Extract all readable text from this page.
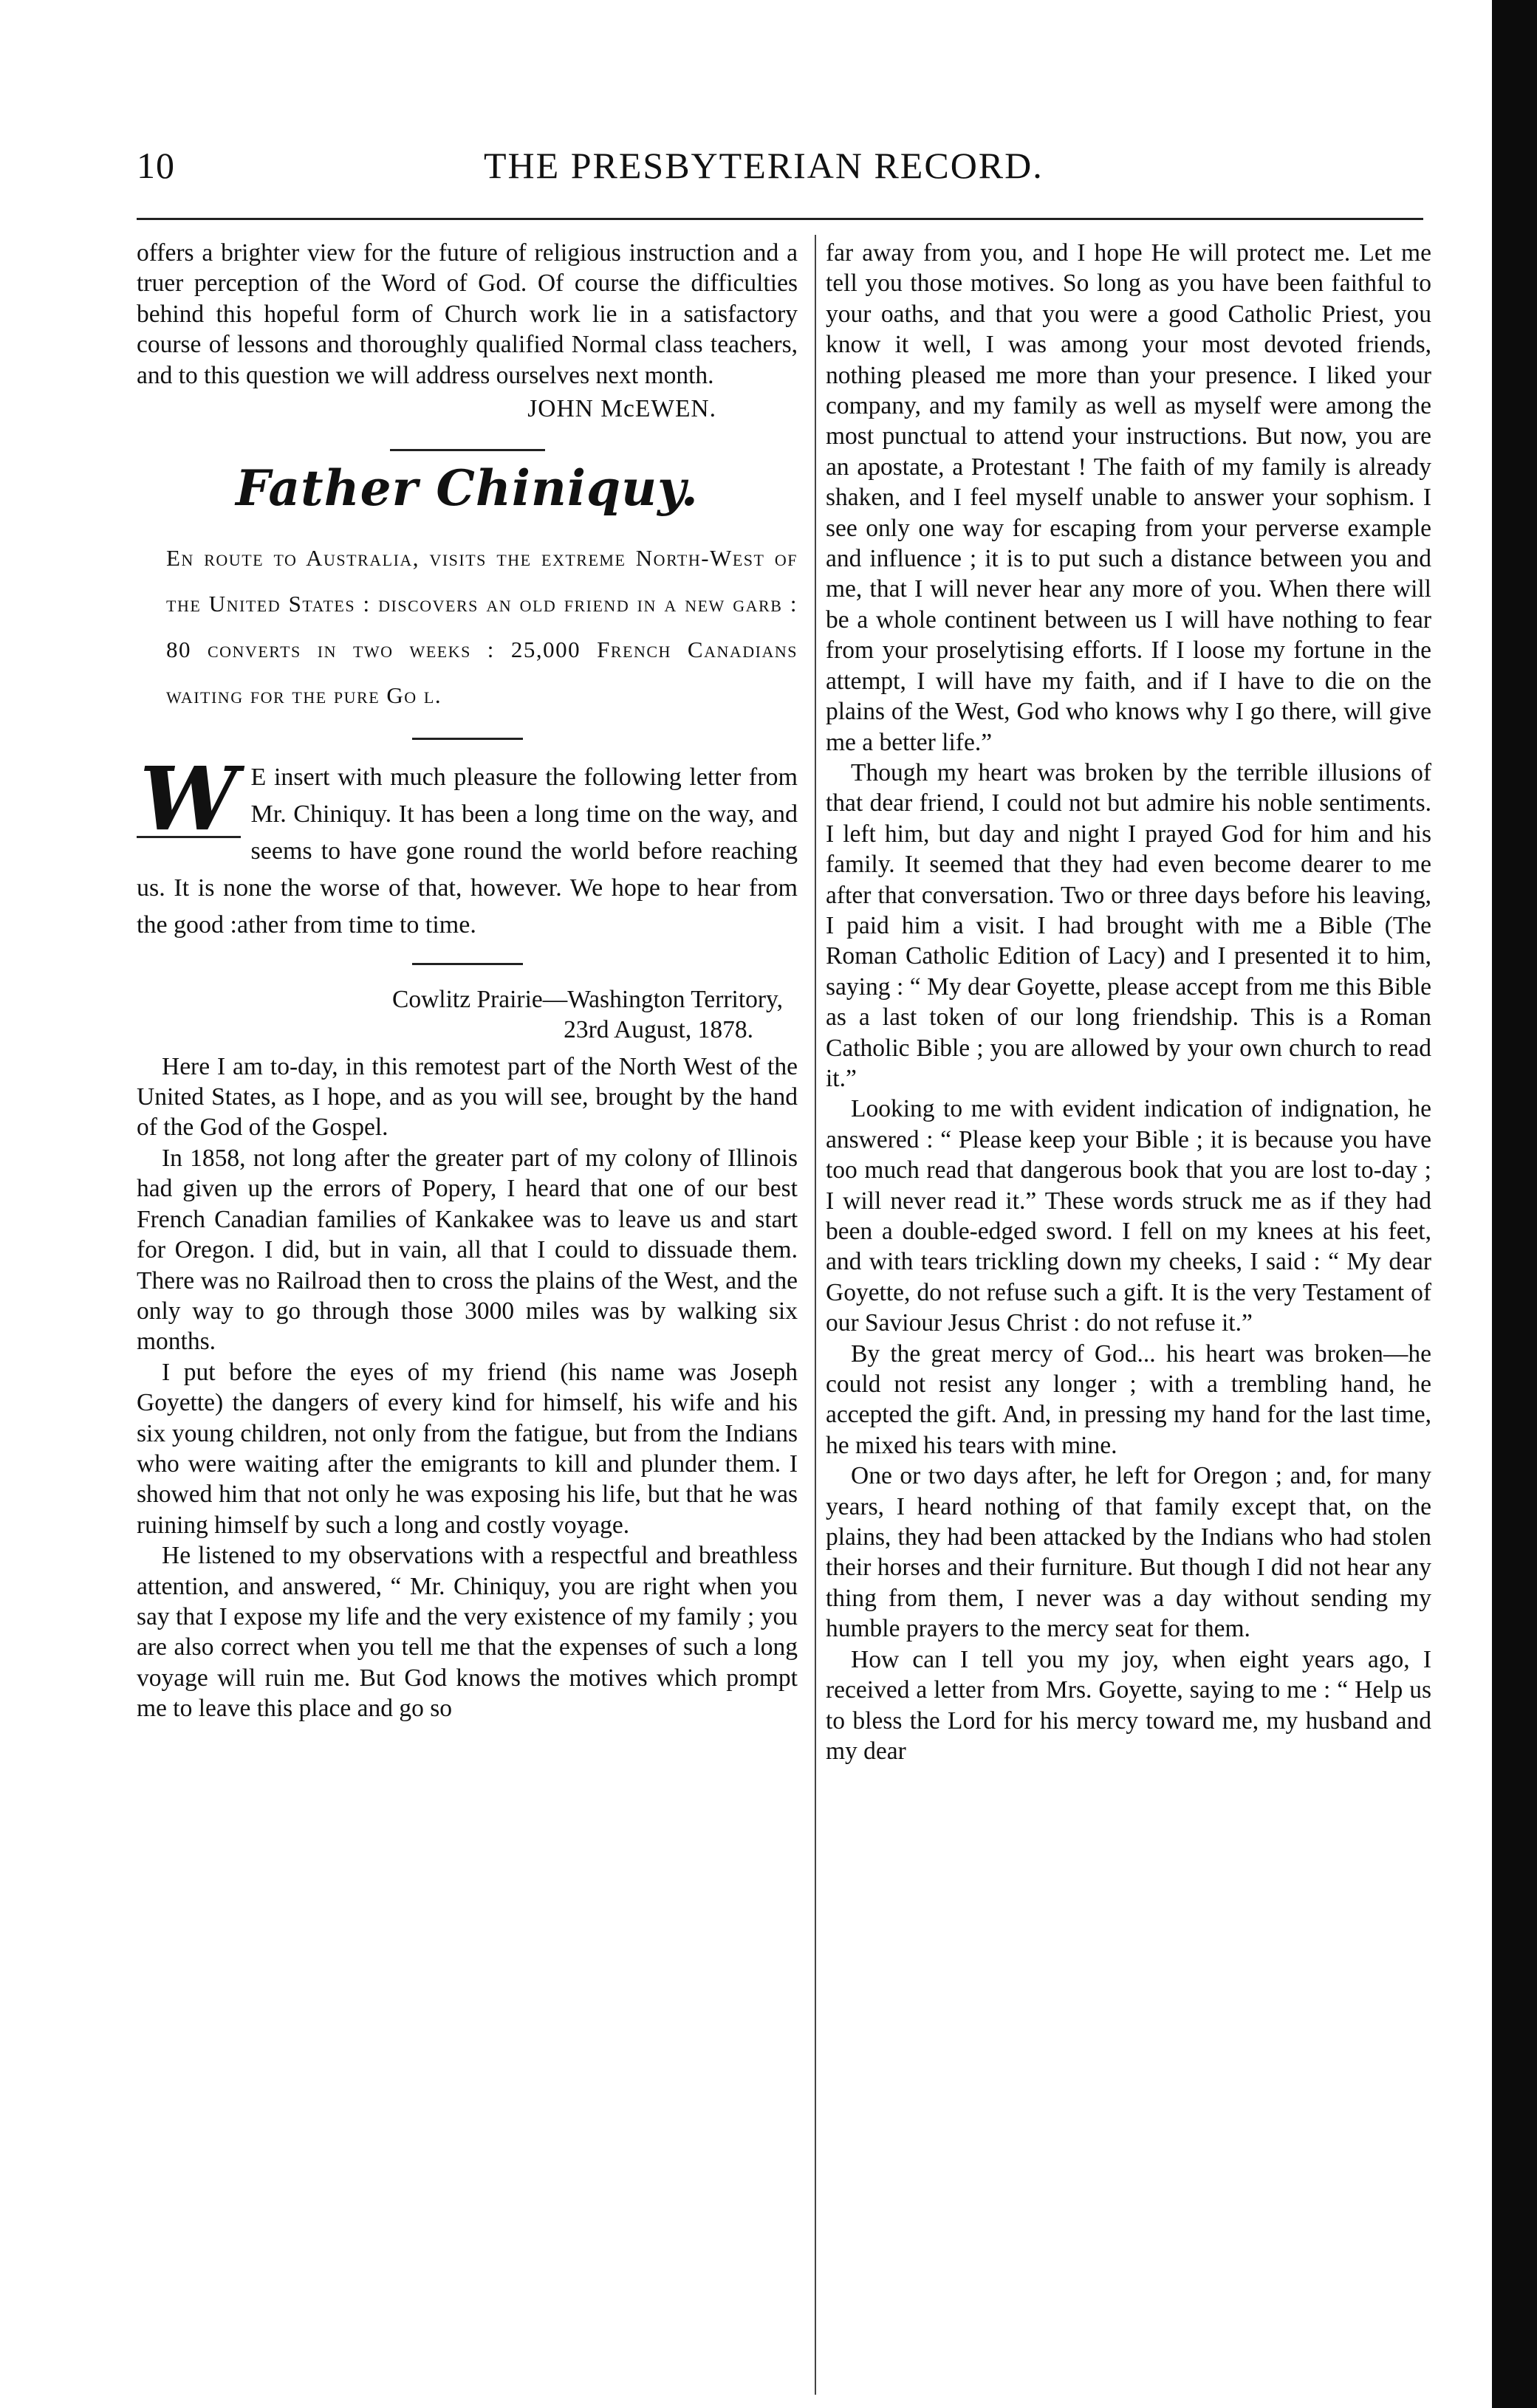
10	THE PRESBYTERIAN RECORD.

offers a brighter view for the future of religious instruction and a truer perception of the Word of God. Of course the difficulties behind this hopeful form of Church work lie in a satisfactory course of lessons and thoroughly qualified Normal class teachers, and to this question we will address ourselves next month.

JOHN McEWEN.

Father Chiniquy.

En route to Australia, visits the extreme North-West of the United States : discovers an old friend in a new garb : 80 converts in two weeks : 25,000 French Canadians waiting for the pure Go l.

W E insert with much pleasure the following letter from Mr. Chiniquy. It has been a long time on the way, and seems to have gone round the world before reaching us. It is none the worse of that, however. We hope to hear from the good :ather from time to time.

Cowlitz Prairie—Washington Territory,

23rd August, 1878.

Here I am to-day, in this remotest part of the North West of the United States, as I hope, and as you will see, brought by the hand of the God of the Gospel.

In 1858, not long after the greater part of my colony of Illinois had given up the errors of Popery, I heard that one of our best French Canadian families of Kankakee was to leave us and start for Oregon. I did, but in vain, all that I could to dissuade them. There was no Railroad then to cross the plains of the West, and the only way to go through those 3000 miles was by walking six months.

I put before the eyes of my friend (his name was Joseph Goyette) the dangers of every kind for himself, his wife and his six young children, not only from the fatigue, but from the Indians who were waiting after the emigrants to kill and plunder them. I showed him that not only he was exposing his life, but that he was ruining himself by such a long and costly voyage.

He listened to my observations with a respectful and breathless attention, and answered, “ Mr. Chiniquy, you are right when you say that I expose my life and the very existence of my family ; you are also correct when you tell me that the expenses of such a long voyage will ruin me. But God knows the motives which prompt me to leave this place and go so

far away from you, and I hope He will protect me. Let me tell you those motives. So long as you have been faithful to your oaths, and that you were a good Catholic Priest, you know it well, I was among your most devoted friends, nothing pleased me more than your presence. I liked your company, and my family as well as myself were among the most punctual to attend your instructions. But now, you are an apostate, a Protestant ! The faith of my family is already shaken, and I feel myself unable to answer your sophism. I see only one way for escaping from your perverse example and influence ; it is to put such a distance between you and me, that I will never hear any more of you. When there will be a whole continent between us I will have nothing to fear from your proselytising efforts. If I loose my fortune in the attempt, I will have my faith, and if I have to die on the plains of the West, God who knows why I go there, will give me a better life.”

Though my heart was broken by the terrible illusions of that dear friend, I could not but admire his noble sentiments. I left him, but day and night I prayed God for him and his family. It seemed that they had even become dearer to me after that conversation. Two or three days before his leaving, I paid him a visit. I had brought with me a Bible (The Roman Catholic Edition of Lacy) and I presented it to him, saying : “ My dear Goyette, please accept from me this Bible as a last token of our long friendship. This is a Roman Catholic Bible ; you are allowed by your own church to read it.”

Looking to me with evident indication of indignation, he answered : “ Please keep your Bible ; it is because you have too much read that dangerous book that you are lost to-day ; I will never read it.” These words struck me as if they had been a double-edged sword. I fell on my knees at his feet, and with tears trickling down my cheeks, I said : “ My dear Goyette, do not refuse such a gift. It is the very Testament of our Saviour Jesus Christ : do not refuse it.”

By the great mercy of God... his heart was broken—he could not resist any longer ; with a trembling hand, he accepted the gift. And, in pressing my hand for the last time, he mixed his tears with mine.

One or two days after, he left for Oregon ; and, for many years, I heard nothing of that family except that, on the plains, they had been attacked by the Indians who had stolen their horses and their furniture. But though I did not hear any thing from them, I never was a day without sending my humble prayers to the mercy seat for them.

How can I tell you my joy, when eight years ago, I received a letter from Mrs. Goyette, saying to me : “ Help us to bless the Lord for his mercy toward me, my husband and my dear
